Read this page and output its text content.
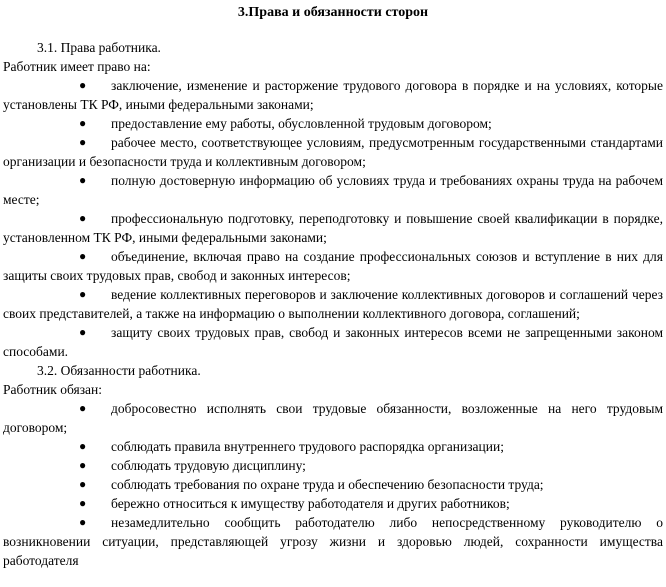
3.Права и обязанности сторон

3.1. Права работника.

Работник имеет право на:

● заключение, изменение и расторжение трудового договора в порядке и на условиях, которые установлены ТК РФ, иными федеральными законами;

● предоставление ему работы, обусловленной трудовым договором;

● рабочее место, соответствующее условиям, предусмотренным государственными стандартами организации и безопасности труда и коллективным договором;

● полную достоверную информацию об условиях труда и требованиях охраны труда на рабочем месте;

● профессиональную подготовку, переподготовку и повышение своей квалификации в порядке, установленном ТК РФ, иными федеральными законами;

● объединение, включая право на создание профессиональных союзов и вступление в них для защиты своих трудовых прав, свобод и законных интересов;

● ведение коллективных переговоров и заключение коллективных договоров и соглашений через своих представителей, а также на информацию о выполнении коллективного договора, соглашений;

● защиту своих трудовых прав, свобод и законных интересов всеми не запрещенными законом способами.

3.2. Обязанности работника.

Работник обязан:

● добросовестно исполнять свои трудовые обязанности, возложенные на него трудовым договором;

● соблюдать правила внутреннего трудового распорядка организации;

● соблюдать трудовую дисциплину;

● соблюдать требования по охране труда и обеспечению безопасности труда;

● бережно относиться к имуществу работодателя и других работников;

● незамедлительно сообщить работодателю либо непосредственному руководителю о возникновении ситуации, представляющей угрозу жизни и здоровью людей, сохранности имущества работодателя
